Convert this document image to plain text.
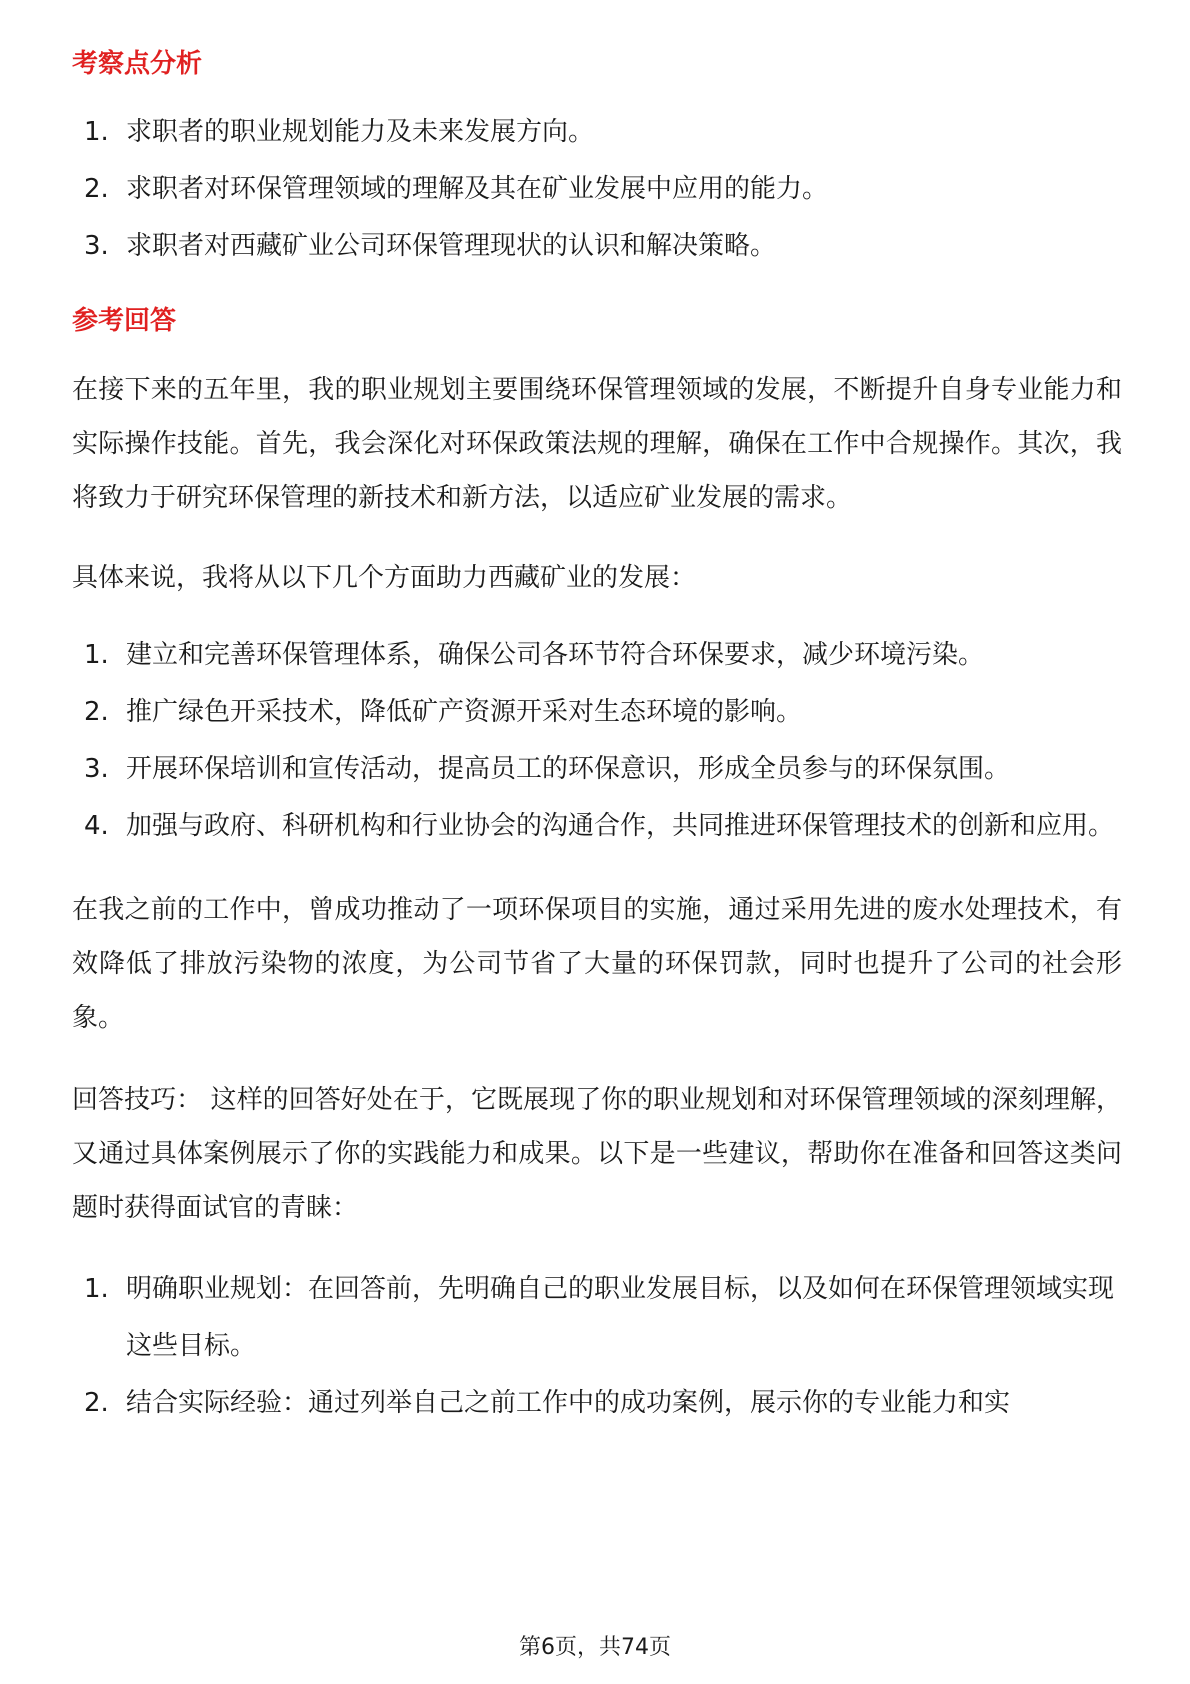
考察点分析
1. 求职者的职业规划能力及未来发展方向。
2. 求职者对环保管理领域的理解及其在矿业发展中应用的能力。
3. 求职者对西藏矿业公司环保管理现状的认识和解决策略。
参考回答

在接下来的五年里，我的职业规划主要围绕环保管理领域的发展，不断提升自身专业能力和实际操作技能。首先，我会深化对环保政策法规的理解，确保在工作中合规操作。其次，我将致力于研究环保管理的新技术和新方法，以适应矿业发展的需求。

具体来说，我将从以下几个方面助力西藏矿业的发展：

1. 建立和完善环保管理体系，确保公司各环节符合环保要求，减少环境污染。
2. 推广绿色开采技术，降低矿产资源开采对生态环境的影响。
3. 开展环保培训和宣传活动，提高员工的环保意识，形成全员参与的环保氛围。
4. 加强与政府、科研机构和行业协会的沟通合作，共同推进环保管理技术的创新和应用。

在我之前的工作中，曾成功推动了一项环保项目的实施，通过采用先进的废水处理技术，有效降低了排放污染物的浓度，为公司节省了大量的环保罚款，同时也提升了公司的社会形象。

回答技巧： 这样的回答好处在于，它既展现了你的职业规划和对环保管理领域的深刻理解，又通过具体案例展示了你的实践能力和成果。以下是一些建议，帮助你在准备和回答这类问题时获得面试官的青睐：

1. 明确职业规划：在回答前，先明确自己的职业发展目标，以及如何在环保管理领域实现这些目标。
2. 结合实际经验：通过列举自己之前工作中的成功案例，展示你的专业能力和实
第6页，共74页
